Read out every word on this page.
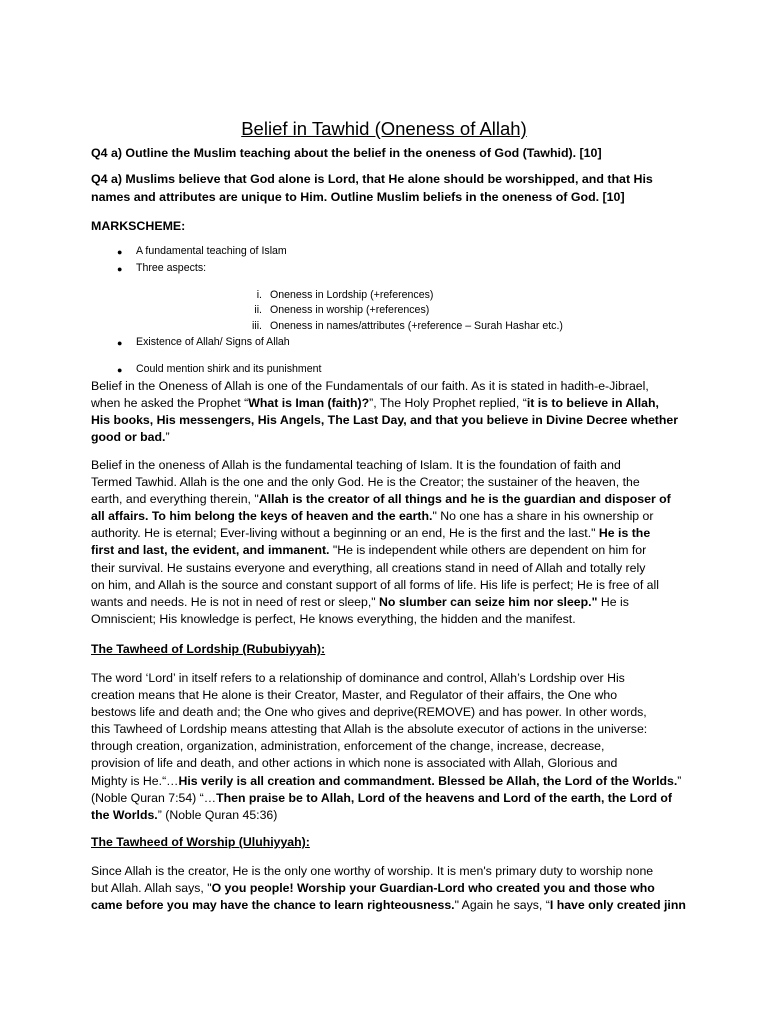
Belief in Tawhid (Oneness of Allah)
Q4 a) Outline the Muslim teaching about the belief in the oneness of God (Tawhid). [10]
Q4 a) Muslims believe that God alone is Lord, that He alone should be worshipped, and that His names and attributes are unique to Him. Outline Muslim beliefs in the oneness of God. [10]
MARKSCHEME:
● A fundamental teaching of Islam
● Three aspects:
i. Oneness in Lordship (+references)
ii. Oneness in worship (+references)
iii. Oneness in names/attributes (+reference – Surah Hashar etc.)
● Existence of Allah/ Signs of Allah
● Could mention shirk and its punishment
Belief in the Oneness of Allah is one of the Fundamentals of our faith. As it is stated in hadith-e-Jibrael,
when he asked the Prophet “What is Iman (faith)?”, The Holy Prophet replied, “it is to believe in Allah,
His books, His messengers, His Angels, The Last Day, and that you believe in Divine Decree whether
good or bad.”
Belief in the oneness of Allah is the fundamental teaching of Islam. It is the foundation of faith and
Termed Tawhid. Allah is the one and the only God. He is the Creator; the sustainer of the heaven, the
earth, and everything therein, "Allah is the creator of all things and he is the guardian and disposer of
all affairs. To him belong the keys of heaven and the earth." No one has a share in his ownership or
authority. He is eternal; Ever-living without a beginning or an end, He is the first and the last." He is the
first and last, the evident, and immanent. "He is independent while others are dependent on him for
their survival. He sustains everyone and everything, all creations stand in need of Allah and totally rely
on him, and Allah is the source and constant support of all forms of life. His life is perfect; He is free of all
wants and needs. He is not in need of rest or sleep," No slumber can seize him nor sleep." He is
Omniscient; His knowledge is perfect, He knows everything, the hidden and the manifest.
The Tawheed of Lordship (Rububiyyah):
The word ‘Lord’ in itself refers to a relationship of dominance and control, Allah’s Lordship over His
creation means that He alone is their Creator, Master, and Regulator of their affairs, the One who
bestows life and death and; the One who gives and deprive(REMOVE) and has power. In other words,
this Tawheed of Lordship means attesting that Allah is the absolute executor of actions in the universe:
through creation, organization, administration, enforcement of the change, increase, decrease,
provision of life and death, and other actions in which none is associated with Allah, Glorious and
Mighty is He.“…His verily is all creation and commandment. Blessed be Allah, the Lord of the Worlds.”
(Noble Quran 7:54) “…Then praise be to Allah, Lord of the heavens and Lord of the earth, the Lord of
the Worlds.” (Noble Quran 45:36)
The Tawheed of Worship (Uluhiyyah):
Since Allah is the creator, He is the only one worthy of worship. It is men's primary duty to worship none
but Allah. Allah says, "O you people! Worship your Guardian-Lord who created you and those who
came before you may have the chance to learn righteousness." Again he says, “I have only created jinn
